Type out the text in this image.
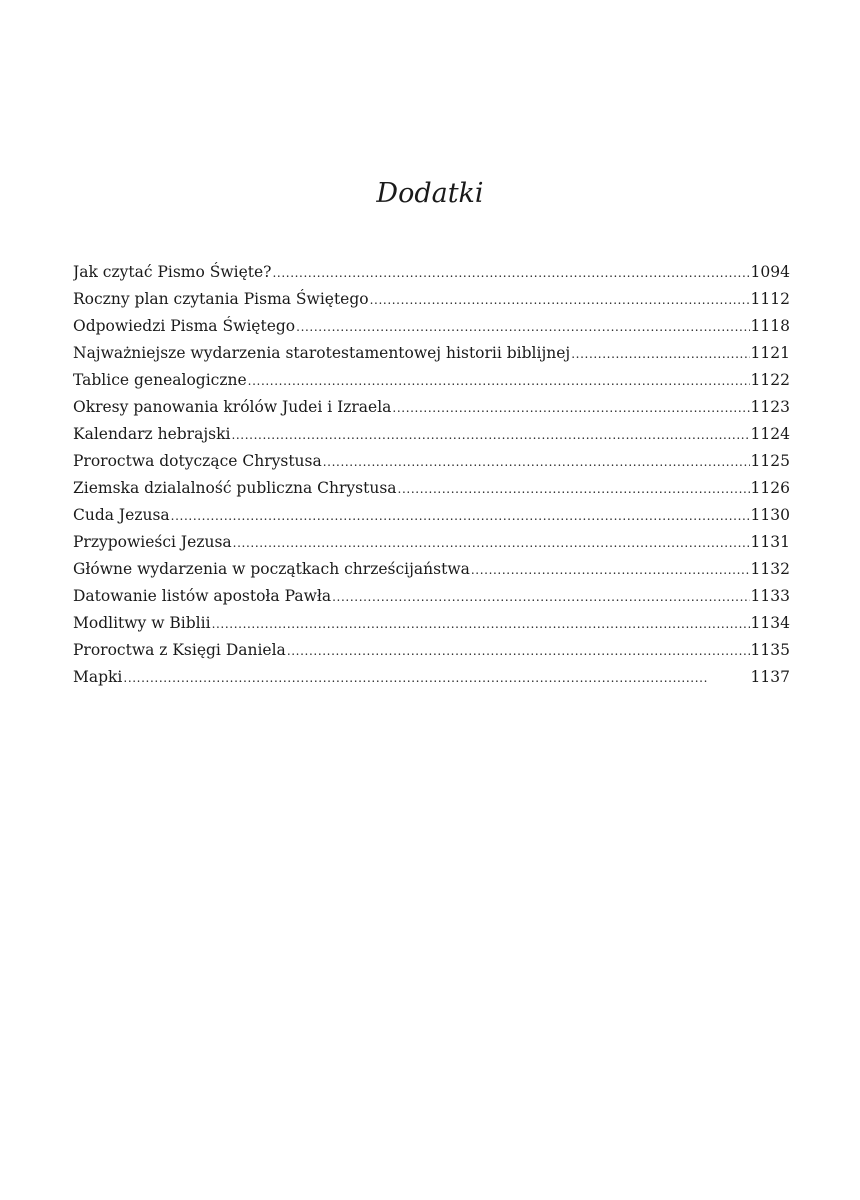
Dodatki
Jak czytać Pismo Święte? . . .	1094
Roczny plan czytania Pisma Świętego . . .	1112
Odpowiedzi Pisma Świętego . . .	1118
Najważniejsze wydarzenia starotestamentowej historii biblijnej . . .	1121
Tablice genealogiczne . . .	1122
Okresy panowania królów Judei i Izraela . . .	1123
Kalendarz hebrajski . . .	1124
Proroctwa dotyczące Chrystusa . . .	1125
Ziemska dzialalność publiczna Chrystusa . . .	1126
Cuda Jezusa . . .	1130
Przypowieści Jezusa . . .	1131
Główne wydarzenia w początkach chrześcijaństwa . . .	1132
Datowanie listów apostoła Pawła . . .	1133
Modlitwy w Biblii . . .	1134
Proroctwa z Księgi Daniela . . .	1135
Mapki . . .	1137
